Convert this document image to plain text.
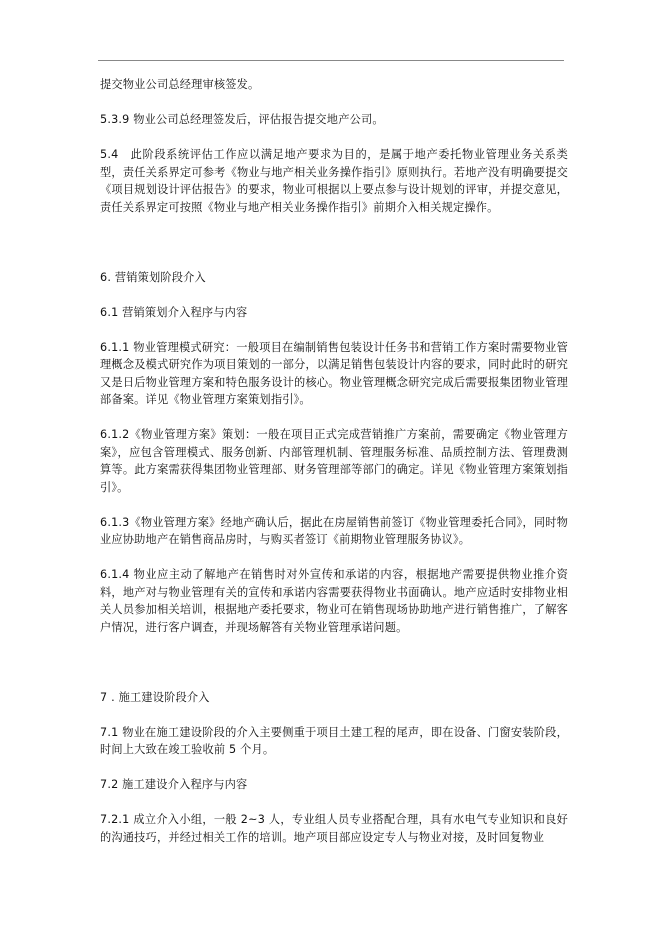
提交物业公司总经理审核签发。

5.3.9 物业公司总经理签发后，评估报告提交地产公司。

5.4　此阶段系统评估工作应以满足地产要求为目的，是属于地产委托物业管理业务关系类型，责任关系界定可参考《物业与地产相关业务操作指引》原则执行。若地产没有明确要提交《项目规划设计评估报告》的要求，物业可根据以上要点参与设计规划的评审，并提交意见，责任关系界定可按照《物业与地产相关业务操作指引》前期介入相关规定操作。

6. 营销策划阶段介入

6.1 营销策划介入程序与内容

6.1.1 物业管理模式研究：一般项目在编制销售包装设计任务书和营销工作方案时需要物业管理概念及模式研究作为项目策划的一部分，以满足销售包装设计内容的要求，同时此时的研究又是日后物业管理方案和特色服务设计的核心。物业管理概念研究完成后需要报集团物业管理部备案。详见《物业管理方案策划指引》。

6.1.2《物业管理方案》策划：一般在项目正式完成营销推广方案前，需要确定《物业管理方案》，应包含管理模式、服务创新、内部管理机制、管理服务标准、品质控制方法、管理费测算等。此方案需获得集团物业管理部、财务管理部等部门的确定。详见《物业管理方案策划指引》。

6.1.3《物业管理方案》经地产确认后，据此在房屋销售前签订《物业管理委托合同》，同时物业应协助地产在销售商品房时，与购买者签订《前期物业管理服务协议》。

6.1.4 物业应主动了解地产在销售时对外宣传和承诺的内容，根据地产需要提供物业推介资料，地产对与物业管理有关的宣传和承诺内容需要获得物业书面确认。地产应适时安排物业相关人员参加相关培训，根据地产委托要求，物业可在销售现场协助地产进行销售推广，了解客户情况，进行客户调查，并现场解答有关物业管理承诺问题。

7 . 施工建设阶段介入

7.1 物业在施工建设阶段的介入主要侧重于项目土建工程的尾声，即在设备、门窗安装阶段，时间上大致在竣工验收前 5 个月。

7.2 施工建设介入程序与内容

7.2.1 成立介入小组，一般 2~3 人，专业组人员专业搭配合理，具有水电气专业知识和良好的沟通技巧，并经过相关工作的培训。地产项目部应设定专人与物业对接，及时回复物业
